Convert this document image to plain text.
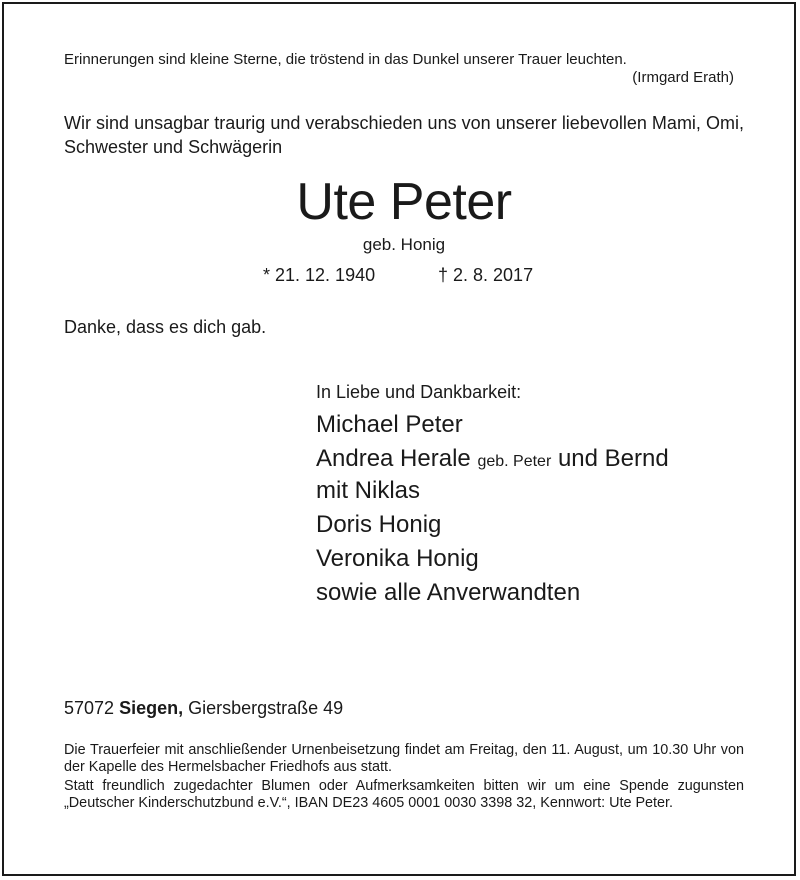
Erinnerungen sind kleine Sterne, die tröstend in das Dunkel unserer Trauer leuchten.
(Irmgard Erath)
Wir sind unsagbar traurig und verabschieden uns von unserer liebevollen Mami, Omi, Schwester und Schwägerin
Ute Peter
geb. Honig
* 21. 12. 1940	† 2. 8. 2017
Danke, dass es dich gab.
In Liebe und Dankbarkeit:
Michael Peter
Andrea Herale geb. Peter und Bernd
mit Niklas
Doris Honig
Veronika Honig
sowie alle Anverwandten
57072 Siegen, Giersbergstraße 49
Die Trauerfeier mit anschließender Urnenbeisetzung findet am Freitag, den 11. August, um 10.30 Uhr von der Kapelle des Hermelsbacher Friedhofs aus statt.
Statt freundlich zugedachter Blumen oder Aufmerksamkeiten bitten wir um eine Spende zugunsten „Deutscher Kinderschutzbund e.V.“, IBAN DE23 4605 0001 0030 3398 32, Kennwort: Ute Peter.
